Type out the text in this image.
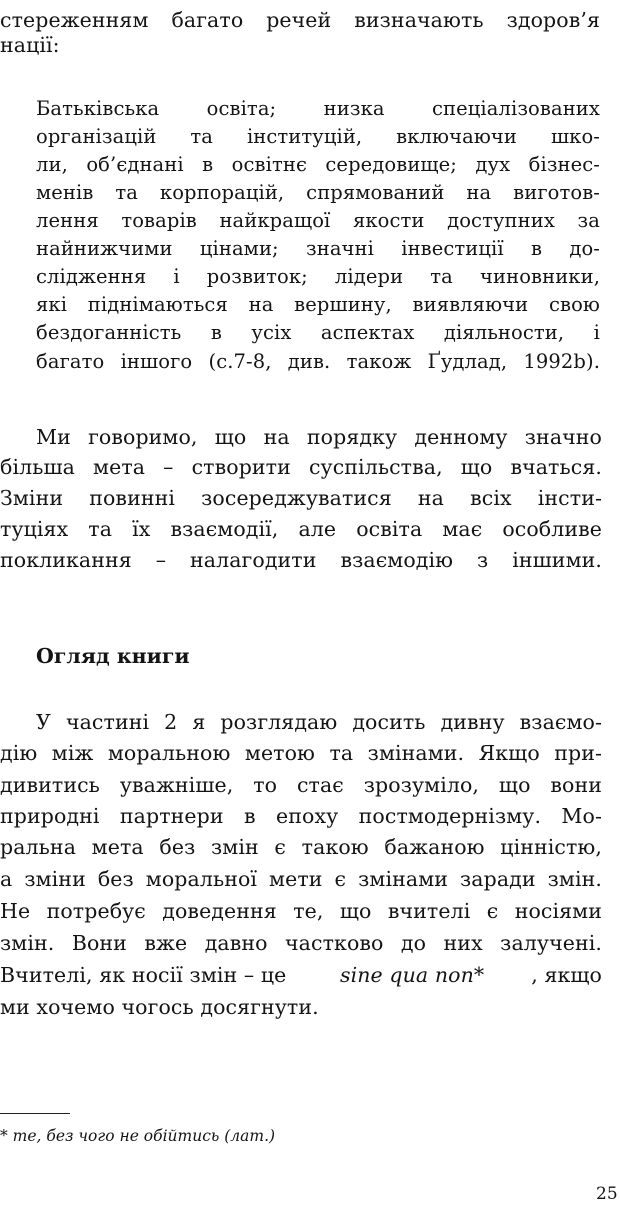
стереженням багато речей визначають здоров’я
нації:
Батьківська освіта; низка спеціалізованих
організацій та інституцій, включаючи шко-
ли, об’єднані в освітнє середовище; дух бізнес-
менів та корпорацій, спрямований на виготов-
лення товарів найкращої якости доступних за
найнижчими цінами; значні інвестиції в до-
слідження і розвиток; лідери та чиновники,
які піднімаються на вершину, виявляючи свою
бездоганність в усіх аспектах діяльности, і
багато іншого (с.7-8, див. також Ґудлад, 1992b).
Ми говоримо, що на порядку денному значно
більша мета – створити суспільства, що вчаться.
Зміни повинні зосереджуватися на всіх інсти-
туціях та їх взаємодії, але освіта має особливе
покликання – налагодити взаємодію з іншими.
Огляд книги
У частині 2 я розглядаю досить дивну взаємо-
дію між моральною метою та змінами. Якщо при-
дивитись уважніше, то стає зрозуміло, що вони
природні партнери в епоху постмодернізму. Мо-
ральна мета без змін є такою бажаною цінністю,
а зміни без моральної мети є змінами заради змін.
Не потребує доведення те, що вчителі є носіями
змін. Вони вже давно частково до них залучені.
Вчителі, як носії змін – це sine qua non* , якщо
ми хочемо чогось досягнути.
* те, без чого не обійтись (лат.)
25
